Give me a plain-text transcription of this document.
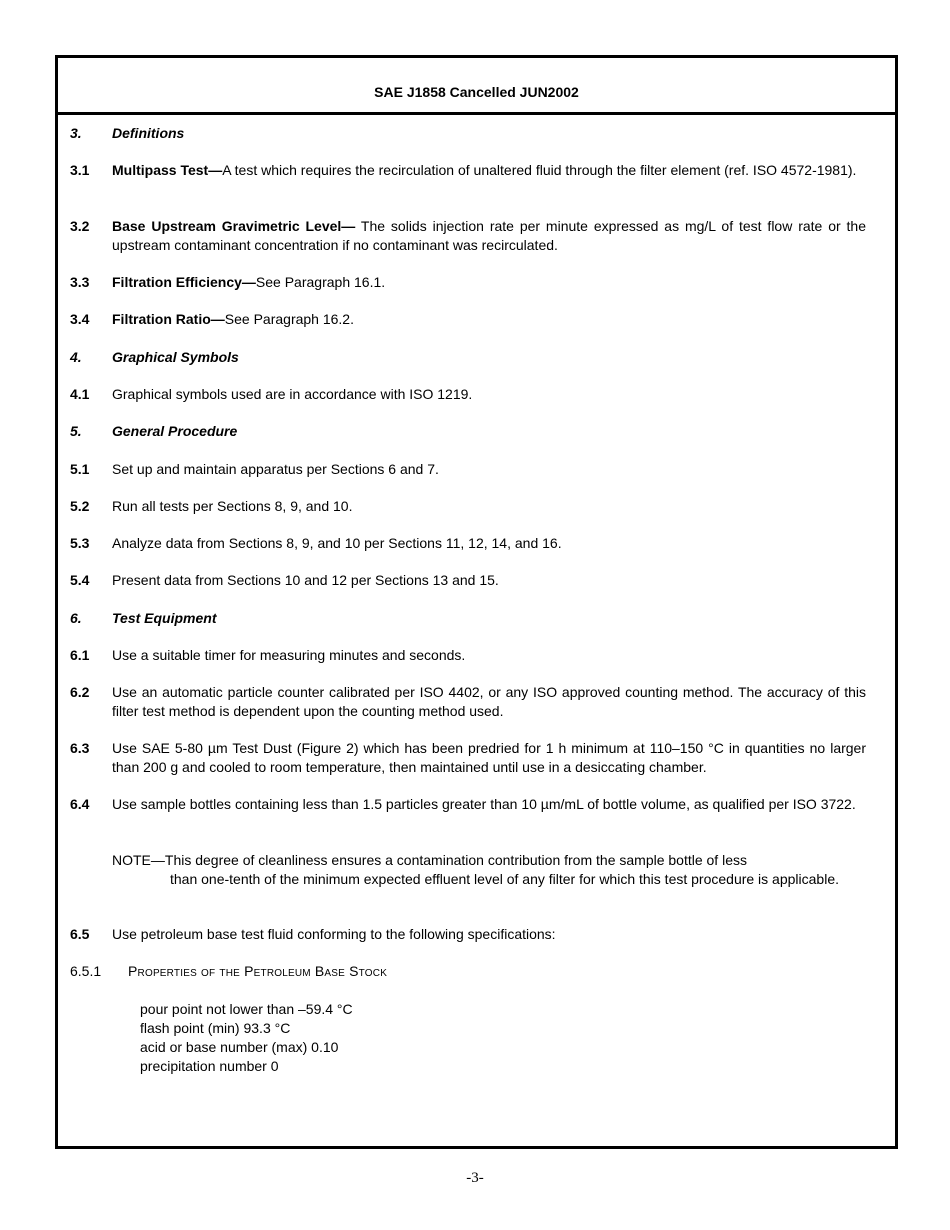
SAE J1858 Cancelled JUN2002
3. Definitions
3.1 Multipass Test—A test which requires the recirculation of unaltered fluid through the filter element (ref. ISO 4572-1981).
3.2 Base Upstream Gravimetric Level— The solids injection rate per minute expressed as mg/L of test flow rate or the upstream contaminant concentration if no contaminant was recirculated.
3.3 Filtration Efficiency—See Paragraph 16.1.
3.4 Filtration Ratio—See Paragraph 16.2.
4. Graphical Symbols
4.1 Graphical symbols used are in accordance with ISO 1219.
5. General Procedure
5.1 Set up and maintain apparatus per Sections 6 and 7.
5.2 Run all tests per Sections 8, 9, and 10.
5.3 Analyze data from Sections 8, 9, and 10 per Sections 11, 12, 14, and 16.
5.4 Present data from Sections 10 and 12 per Sections 13 and 15.
6. Test Equipment
6.1 Use a suitable timer for measuring minutes and seconds.
6.2 Use an automatic particle counter calibrated per ISO 4402, or any ISO approved counting method. The accuracy of this filter test method is dependent upon the counting method used.
6.3 Use SAE 5-80 µm Test Dust (Figure 2) which has been predried for 1 h minimum at 110–150 °C in quantities no larger than 200 g and cooled to room temperature, then maintained until use in a desiccating chamber.
6.4 Use sample bottles containing less than 1.5 particles greater than 10 µm/mL of bottle volume, as qualified per ISO 3722.
NOTE—This degree of cleanliness ensures a contamination contribution from the sample bottle of less
than one-tenth of the minimum expected effluent level of any filter for which this test procedure is applicable.
6.5 Use petroleum base test fluid conforming to the following specifications:
6.5.1 Properties of the Petroleum Base Stock
pour point not lower than –59.4 °C
flash point (min) 93.3 °C
acid or base number (max) 0.10
precipitation number 0
-3-
